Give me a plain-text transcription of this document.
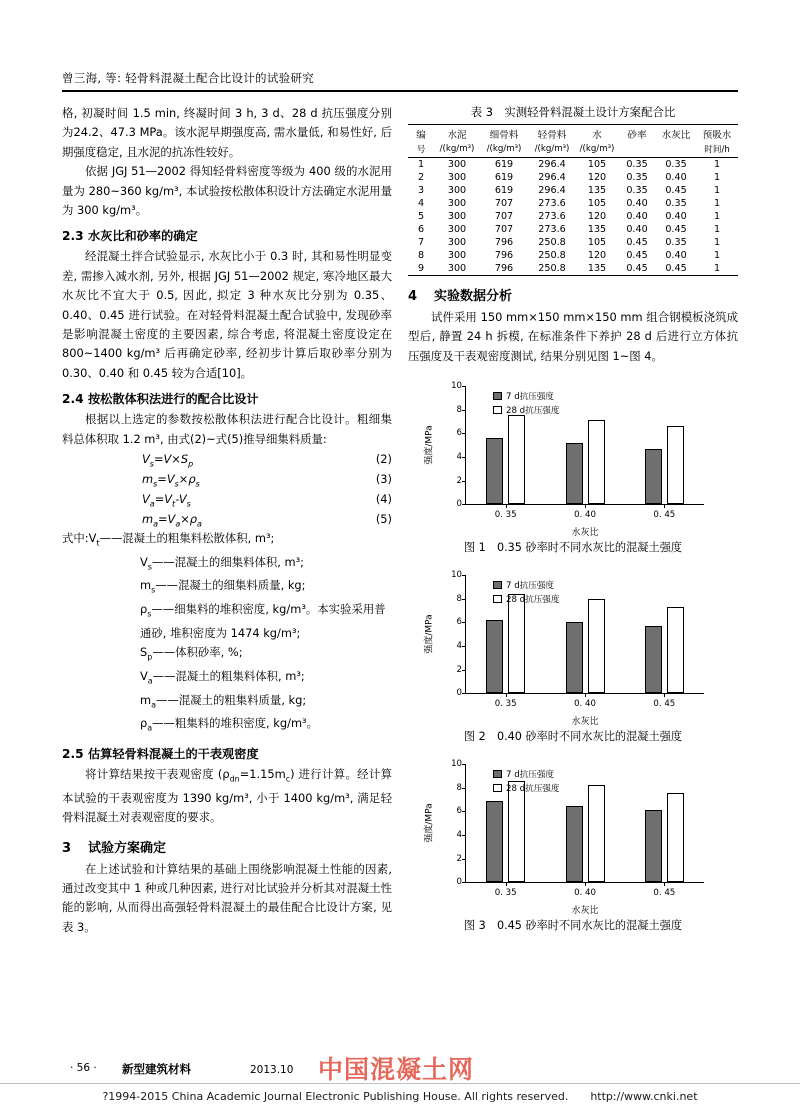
曾三海, 等: 轻骨料混凝土配合比设计的试验研究

格, 初凝时间 1.5 min, 终凝时间 3 h, 3 d、28 d 抗压强度分别为24.2、47.3 MPa。该水泥早期强度高, 需水量低, 和易性好, 后期强度稳定, 且水泥的抗冻性较好。

依据 JGJ 51—2002 得知轻骨料密度等级为 400 级的水泥用量为 280~360 kg/m³, 本试验按松散体积设计方法确定水泥用量为 300 kg/m³。

2.3 水灰比和砂率的确定

经混凝土拌合试验显示, 水灰比小于 0.3 时, 其和易性明显变差, 需掺入减水剂, 另外, 根据 JGJ 51—2002 规定, 寒冷地区最大水灰比不宜大于 0.5, 因此, 拟定 3 种水灰比分别为 0.35、0.40、0.45 进行试验。在对轻骨料混凝土配合试验中, 发现砂率是影响混凝土密度的主要因素, 综合考虑, 将混凝土密度设定在 800~1400 kg/m³ 后再确定砂率, 经初步计算后取砂率分别为 0.30、0.40 和 0.45 较为合适[10]。

2.4 按松散体积法进行的配合比设计

根据以上选定的参数按松散体积法进行配合比设计。粗细集料总体积取 1.2 m³, 由式(2)~式(5)推导细集料质量:

$V_s=V\times S_p$	(2)
$m_s=V_s\times\rho_s$	(3)
$V_a=V_t-V_s$	(4)
$m_a=V_a\times\rho_a$	(5)
式中$:V_t——$混凝土的粗集料松散体积, m³;
$V_s——$混凝土的细集料体积, m³;
$m_s——$混凝土的细集料质量, kg;
$\rho_s——$细集料的堆积密度, kg/m³。本实验采用普通砂, 堆积密度为 1474 kg/m³;
$S_p——$体积砂率, %;
$V_a——$混凝土的粗集料体积, m³;
$m_a——$混凝土的粗集料质量, kg;
$\rho_a——$粗集料的堆积密度, kg/m³。
2.5 估算轻骨料混凝土的干表观密度

将计算结果按干表观密度 $(\rho_{dn}=1.15m_c)$ 进行计算。经计算本试验的干表观密度为 1390 kg/m³, 小于 1400 kg/m³, 满足轻骨料混凝土对表观密度的要求。

3 试验方案确定

在上述试验和计算结果的基础上围绕影响混凝土性能的因素, 通过改变其中 1 种或几种因素, 进行对比试验并分析其对混凝土性能的影响, 从而得出高强轻骨料混凝土的最佳配合比设计方案, 见表 3。

表 3　实测轻骨料混凝土设计方案配合比
编	水泥	细骨料	轻骨料	水	砂率	水灰比	预吸水
号	/(kg/m³)	/(kg/m³)	/(kg/m³)	/(kg/m³)			时间/h
1	300	619	296.4	105	0.35	0.35	1
2	300	619	296.4	120	0.35	0.40	1
3	300	619	296.4	135	0.35	0.45	1
4	300	707	273.6	105	0.40	0.35	1
5	300	707	273.6	120	0.40	0.40	1
6	300	707	273.6	135	0.40	0.45	1
7	300	796	250.8	105	0.45	0.35	1
8	300	796	250.8	120	0.45	0.40	1
9	300	796	250.8	135	0.45	0.45	1
4 实验数据分析

试件采用 150 mm×150 mm×150 mm 组合钢模板浇筑成型后, 静置 24 h 拆模, 在标准条件下养护 28 d 后进行立方体抗压强度及干表观密度测试, 结果分别见图 1~图 4。

0
2
4
6
8
10
强度/MPa
水灰比
0. 35	0. 40	0. 45
7 d抗压强度
28 d抗压强度
图 1　0.35 砂率时不同水灰比的混凝土强度
0
2
4
6
8
10
强度/MPa
水灰比
0. 35	0. 40	0. 45
7 d抗压强度
28 d抗压强度
图 2　0.40 砂率时不同水灰比的混凝土强度
0
2
4
6
8
10
强度/MPa
水灰比
0. 35	0. 40	0. 45
7 d抗压强度
28 d抗压强度
图 3　0.45 砂率时不同水灰比的混凝土强度
· 56 · 新型建筑材料	2013.10 中国混凝土网
?1994-2015 China Academic Journal Electronic Publishing House. All rights reserved.　　http://www.cnki.net
